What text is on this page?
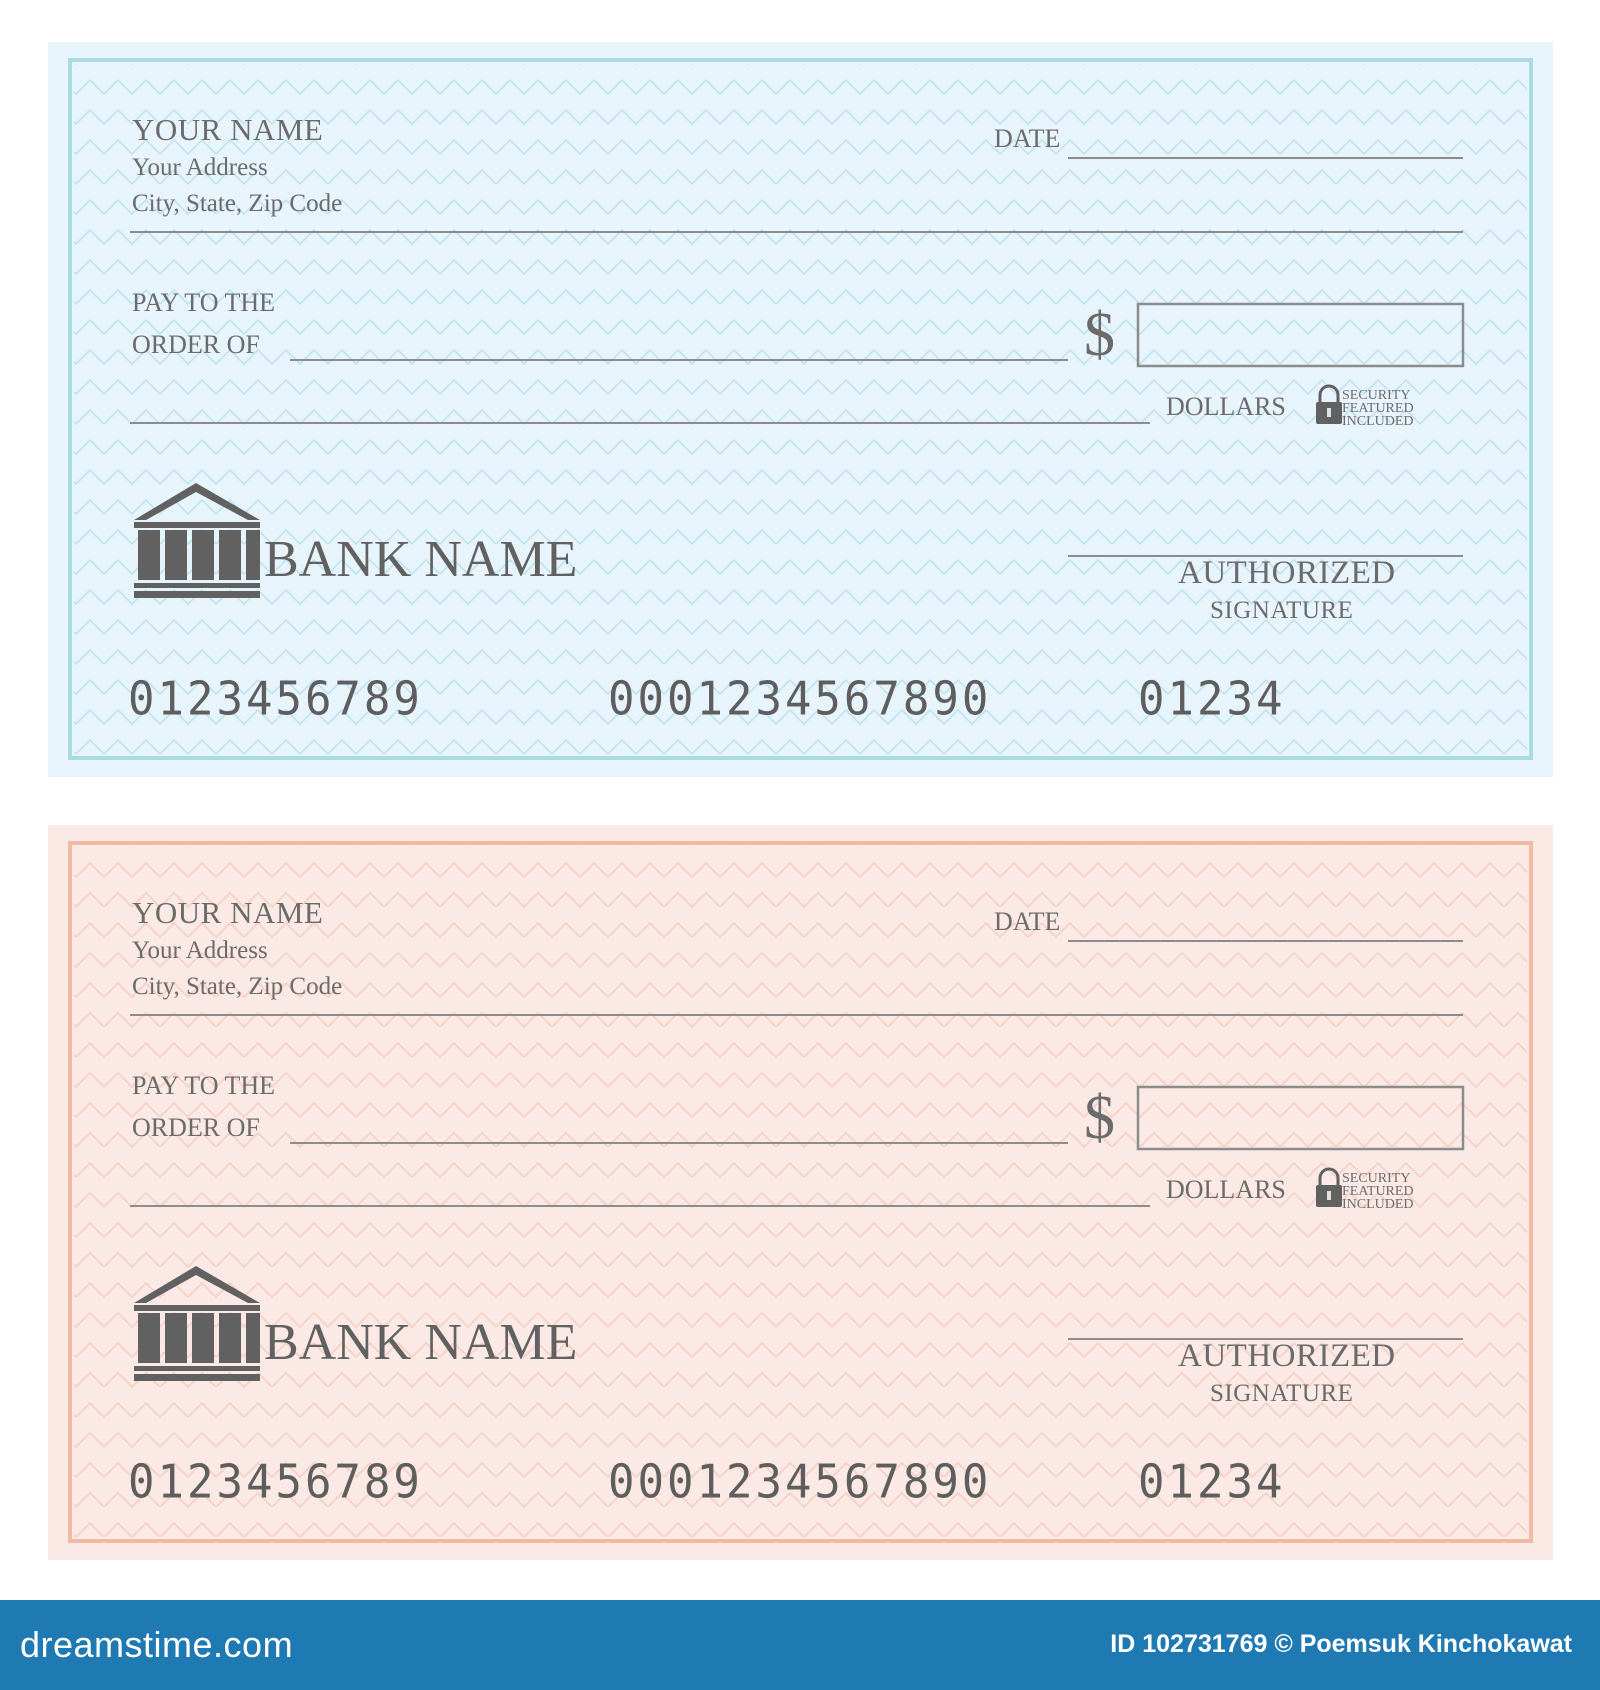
YOUR NAME
Your Address
City, State, Zip Code
DATE
PAY TO THE
ORDER OF	$
DOLLARS	SECURITY
FEATURED
INCLUDED
BANK NAME	AUTHORIZED
SIGNATURE
0123456789	0001234567890	01234
YOUR NAME
Your Address
City, State, Zip Code
DATE
PAY TO THE
ORDER OF	$
DOLLARS	SECURITY
FEATURED
INCLUDED
BANK NAME	AUTHORIZED
SIGNATURE
0123456789	0001234567890	01234
dreamstime.com	ID 102731769 © Poemsuk Kinchokawat
